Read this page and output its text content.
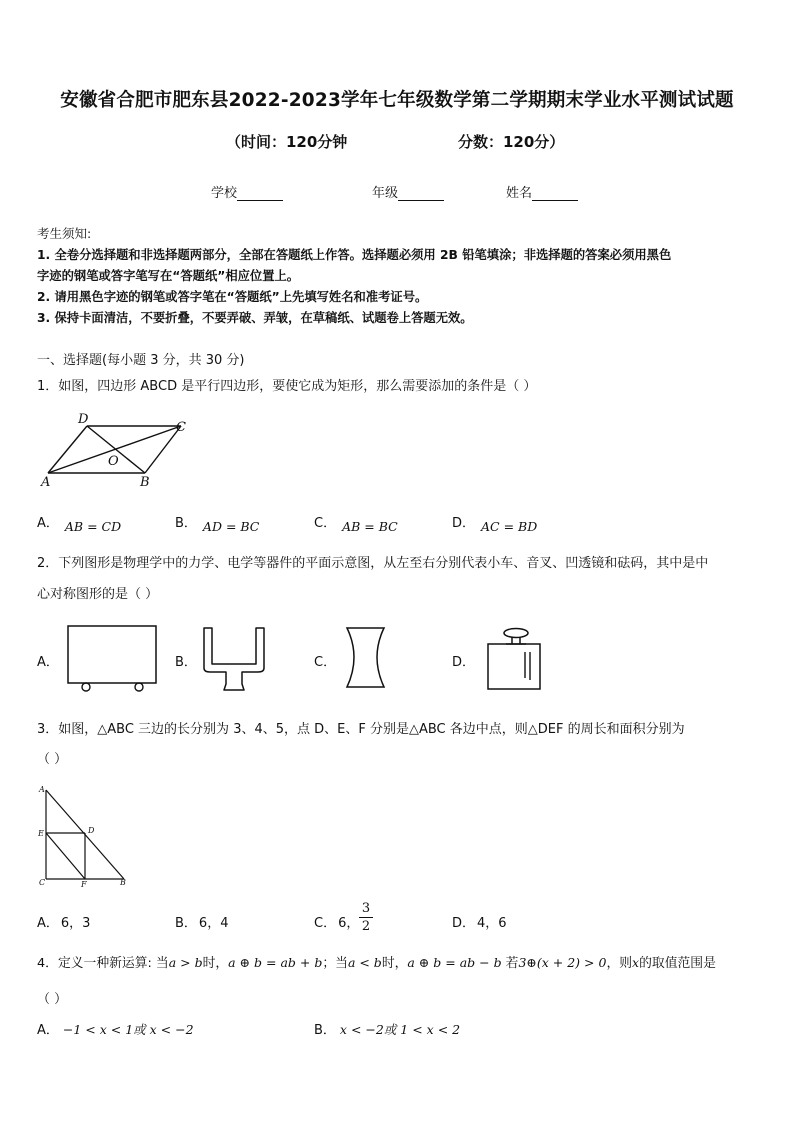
安徽省合肥市肥东县2022-2023学年七年级数学第二学期期末学业水平测试试题
（时间：120分钟	分数：120分）
学校	年级	姓名
考生须知:
1. 全卷分选择题和非选择题两部分，全部在答题纸上作答。选择题必须用 2B 铅笔填涂；非选择题的答案必须用黑色
字迹的钢笔或答字笔写在“答题纸”相应位置上。
2. 请用黑色字迹的钢笔或答字笔在“答题纸”上先填写姓名和准考证号。
3. 保持卡面清洁，不要折叠，不要弄破、弄皱，在草稿纸、试题卷上答题无效。
一、选择题(每小题 3 分，共 30 分)
1．如图，四边形 ABCD 是平行四边形，要使它成为矩形，那么需要添加的条件是（ ）
D
C
O
A	B
A． AB = CD	B． AD = BC	C． AB = BC	D． AC = BD
2．下列图形是物理学中的力学、电学等器件的平面示意图，从左至右分别代表小车、音叉、凹透镜和砝码，其中是中
心对称图形的是（ ）
A．	B．	C．	D．
3．如图，△ABC 三边的长分别为 3、4、5，点 D、E、F 分别是△ABC 各边中点，则△DEF 的周长和面积分别为
（ ）
A
E	D
C	F	B
A． 6，3	B． 6，4	C． 6， $\frac{3}{2}$	D． 4，6
4．定义一种新运算: 当a > b时，a ⊕ b = ab + b；当a < b时，a ⊕ b = ab − b 若3⊕(x + 2) > 0，则x的取值范围是
（ ）
A． −1 < x < 1或 x < −2	B． x < −2或 1 < x < 2
